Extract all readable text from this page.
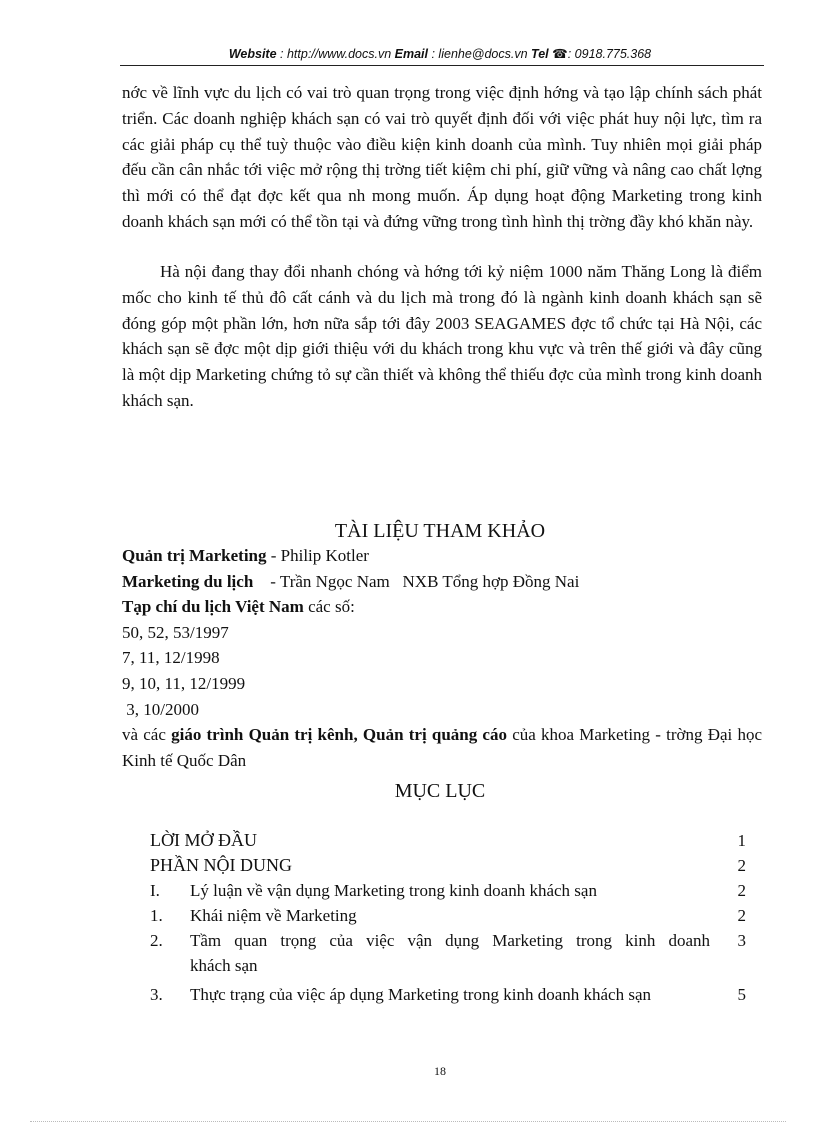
Website : http://www.docs.vn Email : lienhe@docs.vn Tel ☎: 0918.775.368

nớc về lĩnh vực du lịch có vai trò quan trọng trong việc định hớng và tạo lập chính sách phát triển. Các doanh nghiệp khách sạn có vai trò quyết định đối với việc phát huy nội lực, tìm ra các giải pháp cụ thể tuỳ thuộc vào điều kiện kinh doanh của mình. Tuy nhiên mọi giải pháp đếu cần cân nhắc tới việc mở rộng thị trờng tiết kiệm chi phí, giữ vững và nâng cao chất lợng thì mới có thể đạt đợc kết qua nh mong muốn. Áp dụng hoạt động Marketing trong kinh doanh khách sạn mới có thể tồn tại và đứng vững trong tình hình thị trờng đầy khó khăn này.

Hà nội đang thay đổi nhanh chóng và hớng tới kỷ niệm 1000 năm Thăng Long là điểm mốc cho kinh tế thủ đô cất cánh và du lịch mà trong đó là ngành kinh doanh khách sạn sẽ đóng góp một phần lớn, hơn nữa sắp tới đây 2003 SEAGAMES đợc tổ chức tại Hà Nội, các khách sạn sẽ đợc một dịp giới thiệu với du khách trong khu vực và trên thế giới và đây cũng là một dịp Marketing chứng tỏ sự cần thiết và không thể thiếu đợc của mình trong kinh doanh khách sạn.

TÀI LIỆU THAM KHẢO
Quản trị Marketing - Philip Kotler
Marketing du lịch    - Trần Ngọc Nam   NXB Tổng hợp Đồng Nai
Tạp chí du lịch Việt Nam các số:
50, 52, 53/1997
7, 11, 12/1998
9, 10, 11, 12/1999
3, 10/2000
và các giáo trình Quản trị kênh, Quản trị quảng cáo của khoa Marketing - trờng Đại học Kinh tế Quốc Dân
MỤC LỤC
LỜI MỞ ĐẦU	1
PHẦN NỘI DUNG	2
I.	Lý luận về vận dụng Marketing trong kinh doanh khách sạn	2
1.	Khái niệm về Marketing	2
2.	Tầm quan trọng của việc vận dụng Marketing trong kinh doanh	3
khách sạn
3.	Thực trạng của việc áp dụng Marketing trong kinh doanh khách sạn	5
18
